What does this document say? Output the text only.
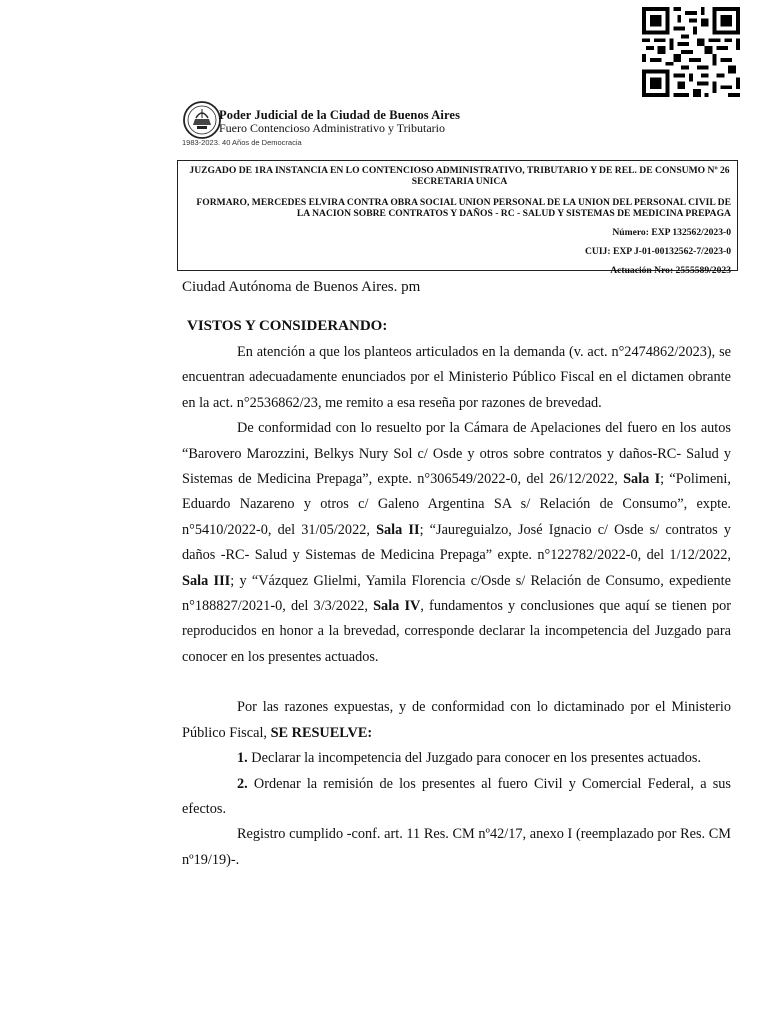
Poder Judicial de la Ciudad de Buenos Aires
Fuero Contencioso Administrativo y Tributario
1983-2023. 40 Años de Democracia
JUZGADO DE 1RA INSTANCIA EN LO CONTENCIOSO ADMINISTRATIVO, TRIBUTARIO Y DE REL. DE CONSUMO Nº 26 SECRETARIA UNICA
FORMARO, MERCEDES ELVIRA CONTRA OBRA SOCIAL UNION PERSONAL DE LA UNION DEL PERSONAL CIVIL DE LA NACION SOBRE CONTRATOS Y DAÑOS - RC - SALUD Y SISTEMAS DE MEDICINA PREPAGA
Número: EXP 132562/2023-0
CUIJ: EXP J-01-00132562-7/2023-0
Actuación Nro: 2555589/2023
Ciudad Autónoma de Buenos Aires. pm
VISTOS Y CONSIDERANDO:

En atención a que los planteos articulados en la demanda (v. act. n°2474862/2023), se encuentran adecuadamente enunciados por el Ministerio Público Fiscal en el dictamen obrante en la act. n°2536862/23, me remito a esa reseña por razones de brevedad.

De conformidad con lo resuelto por la Cámara de Apelaciones del fuero en los autos “Barovero Marozzini, Belkys Nury Sol c/ Osde y otros sobre contratos y daños-RC- Salud y Sistemas de Medicina Prepaga”, expte. n°306549/2022-0, del 26/12/2022, Sala I; “Polimeni, Eduardo Nazareno y otros c/ Galeno Argentina SA s/ Relación de Consumo”, expte. n°5410/2022-0, del 31/05/2022, Sala II; “Jaureguialzo, José Ignacio c/ Osde s/ contratos y daños -RC- Salud y Sistemas de Medicina Prepaga” expte. n°122782/2022-0, del 1/12/2022, Sala III; y “Vázquez Glielmi, Yamila Florencia c/Osde s/ Relación de Consumo, expediente n°188827/2021-0, del 3/3/2022, Sala IV, fundamentos y conclusiones que aquí se tienen por reproducidos en honor a la brevedad, corresponde declarar la incompetencia del Juzgado para conocer en los presentes actuados.

Por las razones expuestas, y de conformidad con lo dictaminado por el Ministerio Público Fiscal, SE RESUELVE:

1. Declarar la incompetencia del Juzgado para conocer en los presentes actuados.

2. Ordenar la remisión de los presentes al fuero Civil y Comercial Federal, a sus efectos.

Registro cumplido -conf. art. 11 Res. CM nº42/17, anexo I (reemplazado por Res. CM nº19/19)-.
